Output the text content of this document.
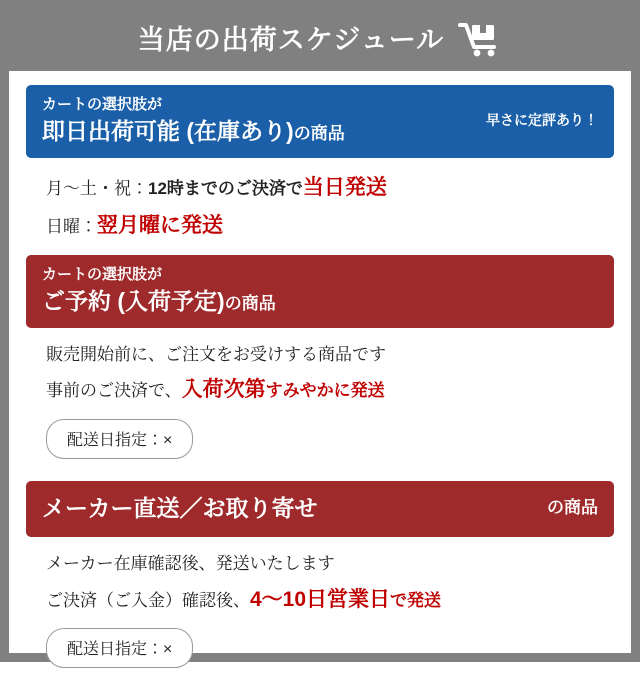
当店の出荷スケジュール
カートの選択肢が
即日出荷可能 (在庫あり)の商品
早さに定評あり！
月〜土・祝：12時までのご決済で当日発送
日曜：翌月曜に発送
カートの選択肢が
ご予約 (入荷予定)の商品
販売開始前に、ご注文をお受けする商品です
事前のご決済で、入荷次第すみやかに発送
配送日指定：×
メーカー直送／お取り寄せ	の商品
メーカー在庫確認後、発送いたします
ご決済（ご入金）確認後、4〜10日営業日で発送
配送日指定：×
